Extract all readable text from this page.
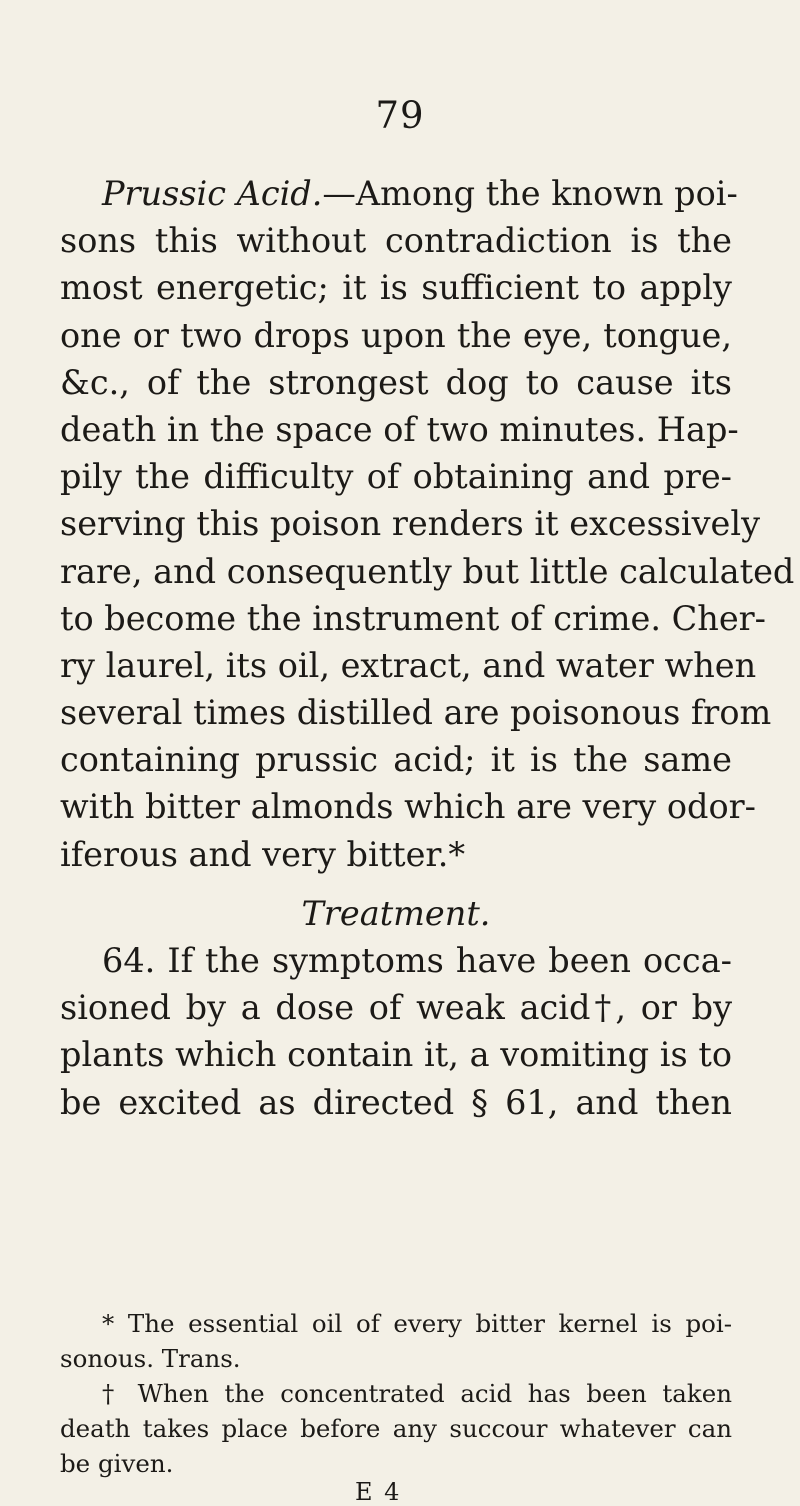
79
Prussic Acid.—Among the known poi-
sons this without contradiction is the
most energetic; it is sufficient to apply
one or two drops upon the eye, tongue,
&c., of the strongest dog to cause its
death in the space of two minutes. Hap-
pily the difficulty of obtaining and pre-
serving this poison renders it excessively
rare, and consequently but little calculated
to become the instrument of crime. Cher-
ry laurel, its oil, extract, and water when
several times distilled are poisonous from
containing prussic acid; it is the same
with bitter almonds which are very odor-
iferous and very bitter.*
Treatment.
64. If the symptoms have been occa-
sioned by a dose of weak acid†, or by
plants which contain it, a vomiting is to
be excited as directed § 61, and then
* The essential oil of every bitter kernel is poi-
sonous. Trans.
† When the concentrated acid has been taken
death takes place before any succour whatever can
be given.
E 4
